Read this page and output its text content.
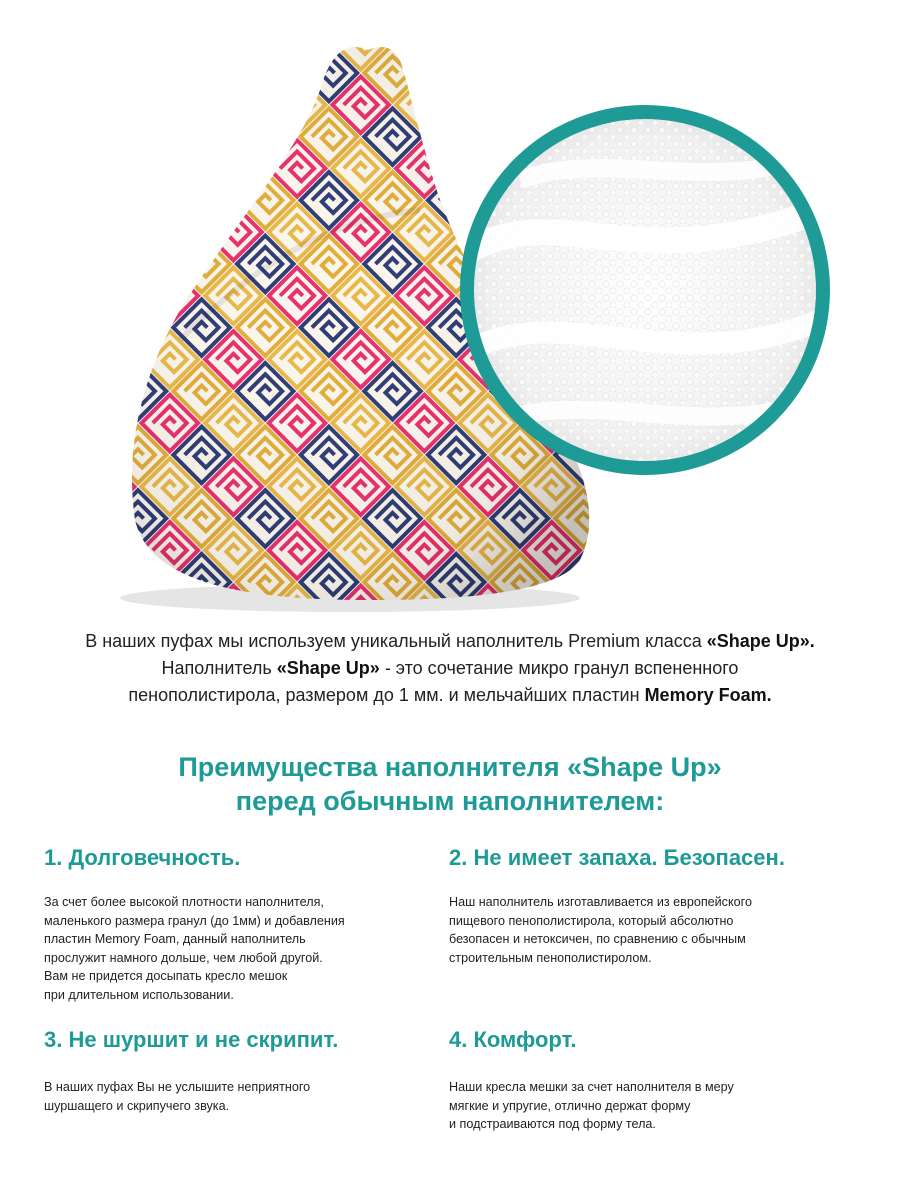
В наших пуфах мы используем уникальный наполнитель Premium класса «Shape Up».
Наполнитель «Shape Up» - это сочетание микро гранул вспененного
пенополистирола, размером до 1 мм. и мельчайших пластин Memory Foam.
Преимущества наполнителя «Shape Up»
перед обычным наполнителем:
1. Долговечность.
За счет более высокой плотности наполнителя,
маленького размера гранул (до 1мм) и добавления
пластин Memory Foam, данный наполнитель
прослужит намного дольше, чем любой другой.
Вам не придется досыпать кресло мешок
при длительном использовании.
2. Не имеет запаха. Безопасен.
Наш наполнитель изготавливается из европейского
пищевого пенополистирола, который абсолютно
безопасен и нетоксичен, по сравнению с обычным
строительным пенополистиролом.
3. Не шуршит и не скрипит.
В наших пуфах Вы не услышите неприятного
шуршащего и скрипучего звука.
4. Комфорт.
Наши кресла мешки за счет наполнителя в меру
мягкие и упругие, отлично держат форму
и подстраиваются под форму тела.
